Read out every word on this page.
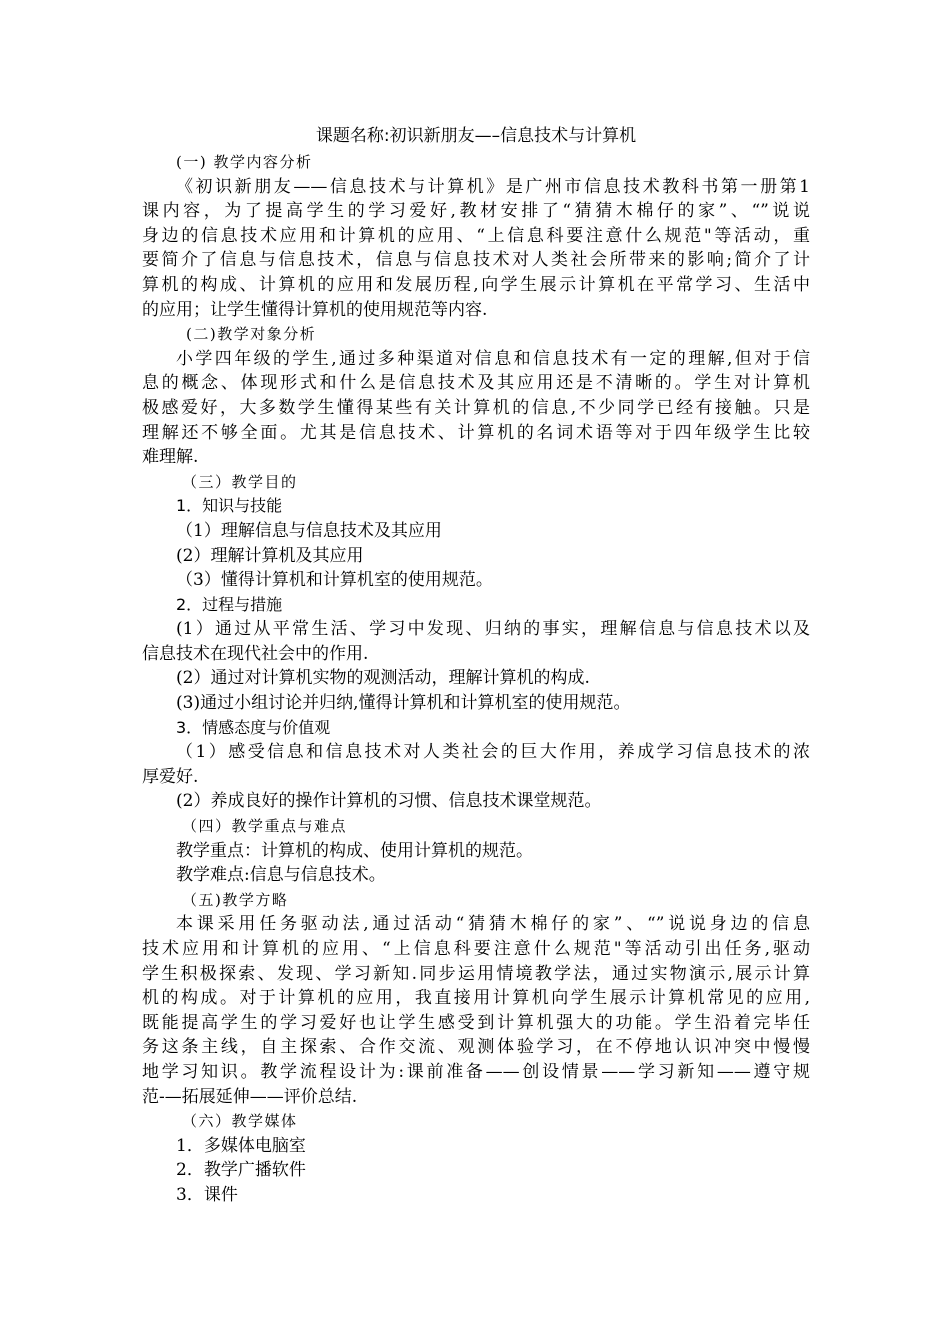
课题名称:初识新朋友—–信息技术与计算机
(一) 教学内容分析
《初识新朋友——信息技术与计算机》是广州市信息技术教科书第一册第1
课内容，为了提高学生的学习爱好,教材安排了“猜猜木棉仔的家”、“”说说
身边的信息技术应用和计算机的应用、“上信息科要注意什么规范"等活动，重
要简介了信息与信息技术，信息与信息技术对人类社会所带来的影响;简介了计
算机的构成、计算机的应用和发展历程,向学生展示计算机在平常学习、生活中
的应用；让学生懂得计算机的使用规范等内容.
(二)教学对象分析
小学四年级的学生,通过多种渠道对信息和信息技术有一定的理解,但对于信
息的概念、体现形式和什么是信息技术及其应用还是不清晰的。学生对计算机
极感爱好，大多数学生懂得某些有关计算机的信息,不少同学已经有接触。只是
理解还不够全面。尤其是信息技术、计算机的名词术语等对于四年级学生比较
难理解.
（三）教学目的
1．知识与技能
（1）理解信息与信息技术及其应用
(2）理解计算机及其应用
（3）懂得计算机和计算机室的使用规范。
2．过程与措施
(1）通过从平常生活、学习中发现、归纳的事实，理解信息与信息技术以及
信息技术在现代社会中的作用.
(2）通过对计算机实物的观测活动，理解计算机的构成.
(3)通过小组讨论并归纳,懂得计算机和计算机室的使用规范。
3．情感态度与价值观
（1）感受信息和信息技术对人类社会的巨大作用，养成学习信息技术的浓
厚爱好.
(2）养成良好的操作计算机的习惯、信息技术课堂规范。
（四）教学重点与难点
教学重点：计算机的构成、使用计算机的规范。
教学难点:信息与信息技术。
（五)教学方略
本课采用任务驱动法,通过活动“猜猜木棉仔的家”、“”说说身边的信息
技术应用和计算机的应用、“上信息科要注意什么规范"等活动引出任务,驱动
学生积极探索、发现、学习新知.同步运用情境教学法，通过实物演示,展示计算
机的构成。对于计算机的应用，我直接用计算机向学生展示计算机常见的应用,
既能提高学生的学习爱好也让学生感受到计算机强大的功能。学生沿着完毕任
务这条主线，自主探索、合作交流、观测体验学习，在不停地认识冲突中慢慢
地学习知识。教学流程设计为:课前准备——创设情景——学习新知——遵守规
范-—拓展延伸——评价总结.
（六）教学媒体
1．多媒体电脑室
2．教学广播软件
3．课件
